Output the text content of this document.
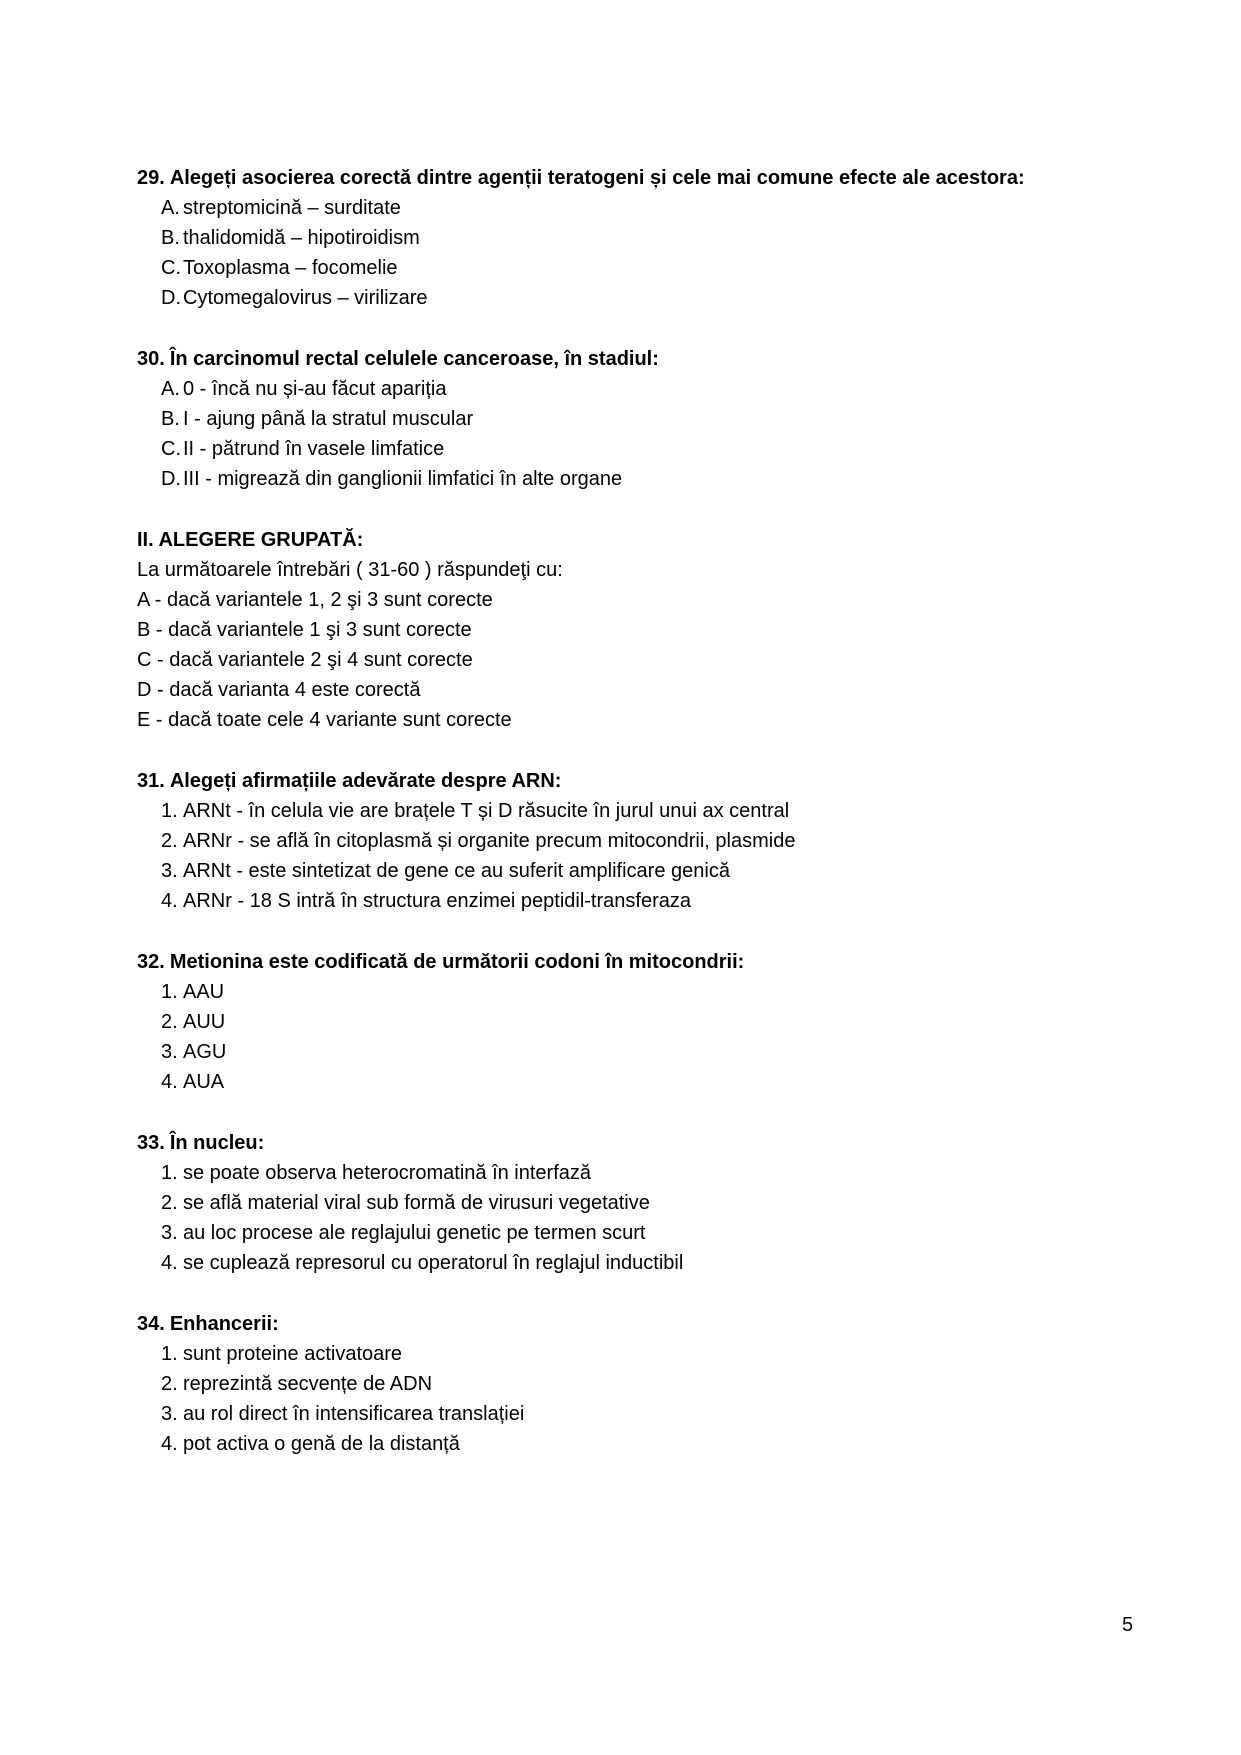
29. Alegeți asocierea corectă dintre agenții teratogeni și cele mai comune efecte ale acestora:
A. streptomicină – surditate
B. thalidomidă – hipotiroidism
C. Toxoplasma – focomelie
D. Cytomegalovirus – virilizare
30. În carcinomul rectal celulele canceroase, în stadiul:
A. 0 - încă nu și-au făcut apariția
B. I - ajung până la stratul muscular
C. II - pătrund în vasele limfatice
D. III - migrează din ganglionii limfatici în alte organe
II. ALEGERE GRUPATĂ:
La următoarele întrebări ( 31-60 ) răspundeţi cu:
A - dacă variantele 1, 2 şi 3 sunt corecte
B - dacă variantele 1 şi 3 sunt corecte
C - dacă variantele 2 şi 4 sunt corecte
D - dacă varianta 4 este corectă
E - dacă toate cele 4 variante sunt corecte
31. Alegeți afirmațiile adevărate despre ARN:
1. ARNt - în celula vie are brațele T și D răsucite în jurul unui ax central
2. ARNr - se află în citoplasmă și organite precum mitocondrii, plasmide
3. ARNt - este sintetizat de gene ce au suferit amplificare genică
4. ARNr - 18 S intră în structura enzimei peptidil-transferaza
32. Metionina este codificată de următorii codoni în mitocondrii:
1. AAU
2. AUU
3. AGU
4. AUA
33. În nucleu:
1. se poate observa heterocromatină în interfază
2. se află material viral sub formă de virusuri vegetative
3. au loc procese ale reglajului genetic pe termen scurt
4. se cuplează represorul cu operatorul în reglajul inductibil
34. Enhancerii:
1. sunt proteine activatoare
2. reprezintă secvențe de ADN
3. au rol direct în intensificarea translației
4. pot activa o genă de la distanță
5
